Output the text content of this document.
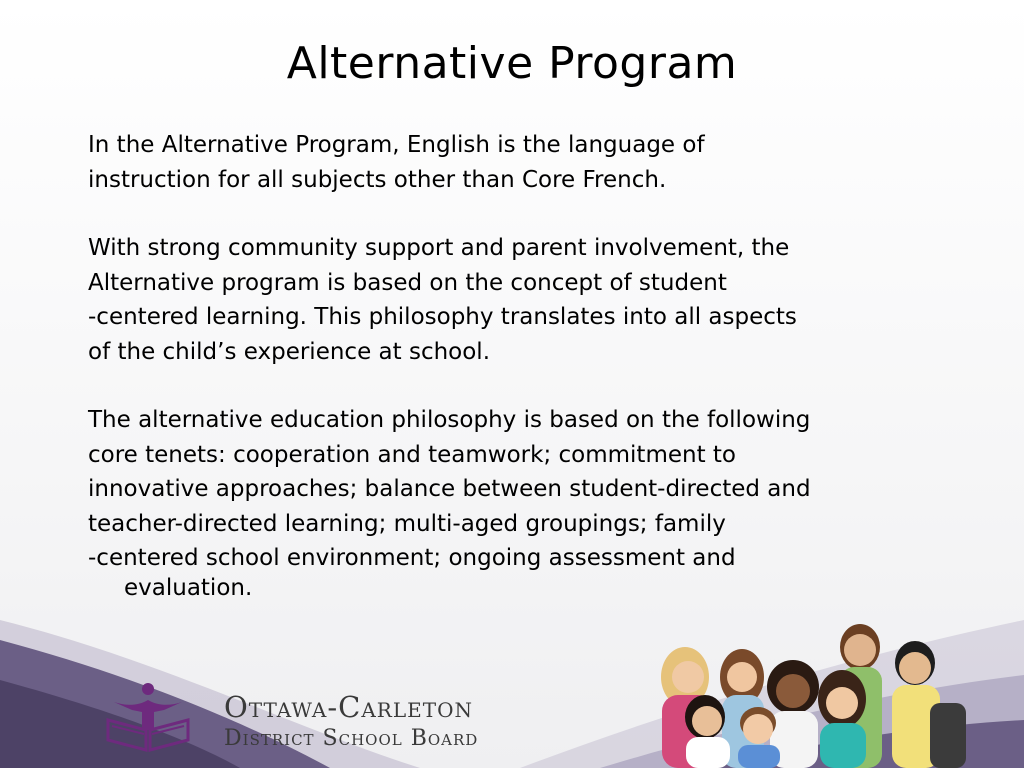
Alternative Program

In the Alternative Program, English is the language of
instruction for all subjects other than Core French.

With strong community support and parent involvement, the
Alternative program is based on the concept of student
-centered learning. This philosophy translates into all aspects
of the child’s experience at school.

The alternative education philosophy is based on the following
core tenets: cooperation and teamwork; commitment to
innovative approaches; balance between student-directed and
teacher-directed learning; multi-aged groupings; family
-centered school environment; ongoing assessment and
evaluation.

Ottawa-Carleton
District School Board
